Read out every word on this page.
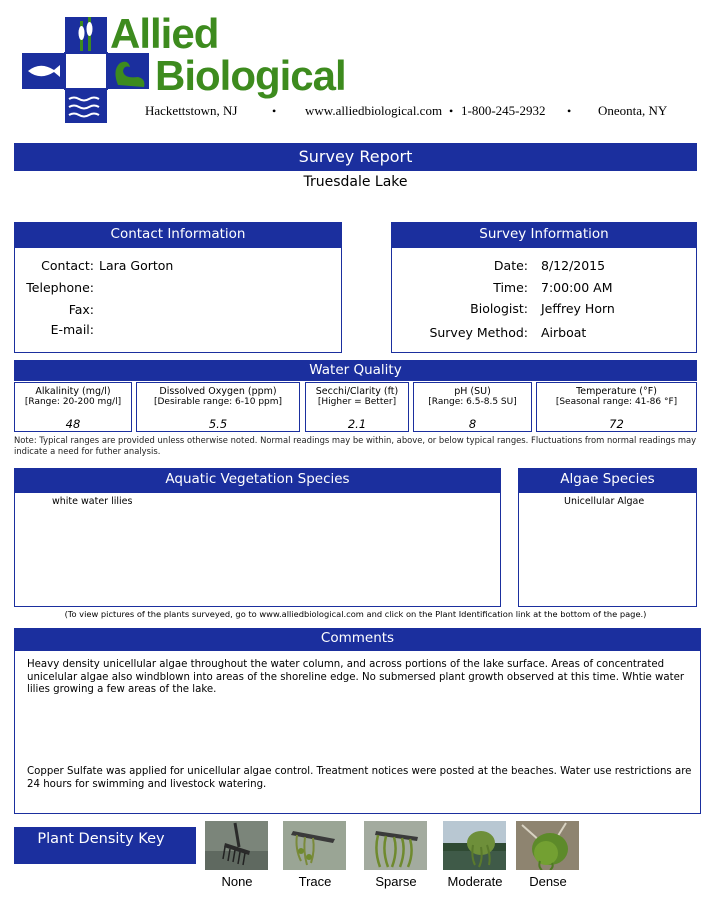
Allied
Biological
Hackettstown, NJ	• www.alliedbiological.com • 1-800-245-2932 • Oneonta, NY
Survey Report
Truesdale Lake
Contact Information
Contact: Lara Gorton
Telephone:
Fax:
E-mail:
Survey Information
Date: 8/12/2015
Time: 7:00:00 AM
Biologist: Jeffrey Horn
Survey Method: Airboat
Water Quality
Alkalinity (mg/l)
[Range: 20-200 mg/l]
48
Dissolved Oxygen (ppm)
[Desirable range: 6-10 ppm]
5.5
Secchi/Clarity (ft)
[Higher = Better]
2.1
pH (SU)
[Range: 6.5-8.5 SU]
8
Temperature (°F)
[Seasonal range: 41-86 °F]
72
Note: Typical ranges are provided unless otherwise noted. Normal readings may be within, above, or below typical ranges. Fluctuations from normal readings may indicate a need for futher analysis.
Aquatic Vegetation Species
white water lilies
Algae Species
Unicellular Algae
(To view pictures of the plants surveyed, go to www.alliedbiological.com and click on the Plant Identification link at the bottom of the page.)
Comments
Heavy density unicellular algae throughout the water column, and across portions of the lake surface. Areas of concentrated unicelular algae also windblown into areas of the shoreline edge. No submersed plant growth observed at this time. Whtie water lilies growing a few areas of the lake.
Copper Sulfate was applied for unicellular algae control. Treatment notices were posted at the beaches. Water use restrictions are 24 hours for swimming and livestock watering.
Plant Density Key
None	Trace	Sparse	Moderate	Dense
